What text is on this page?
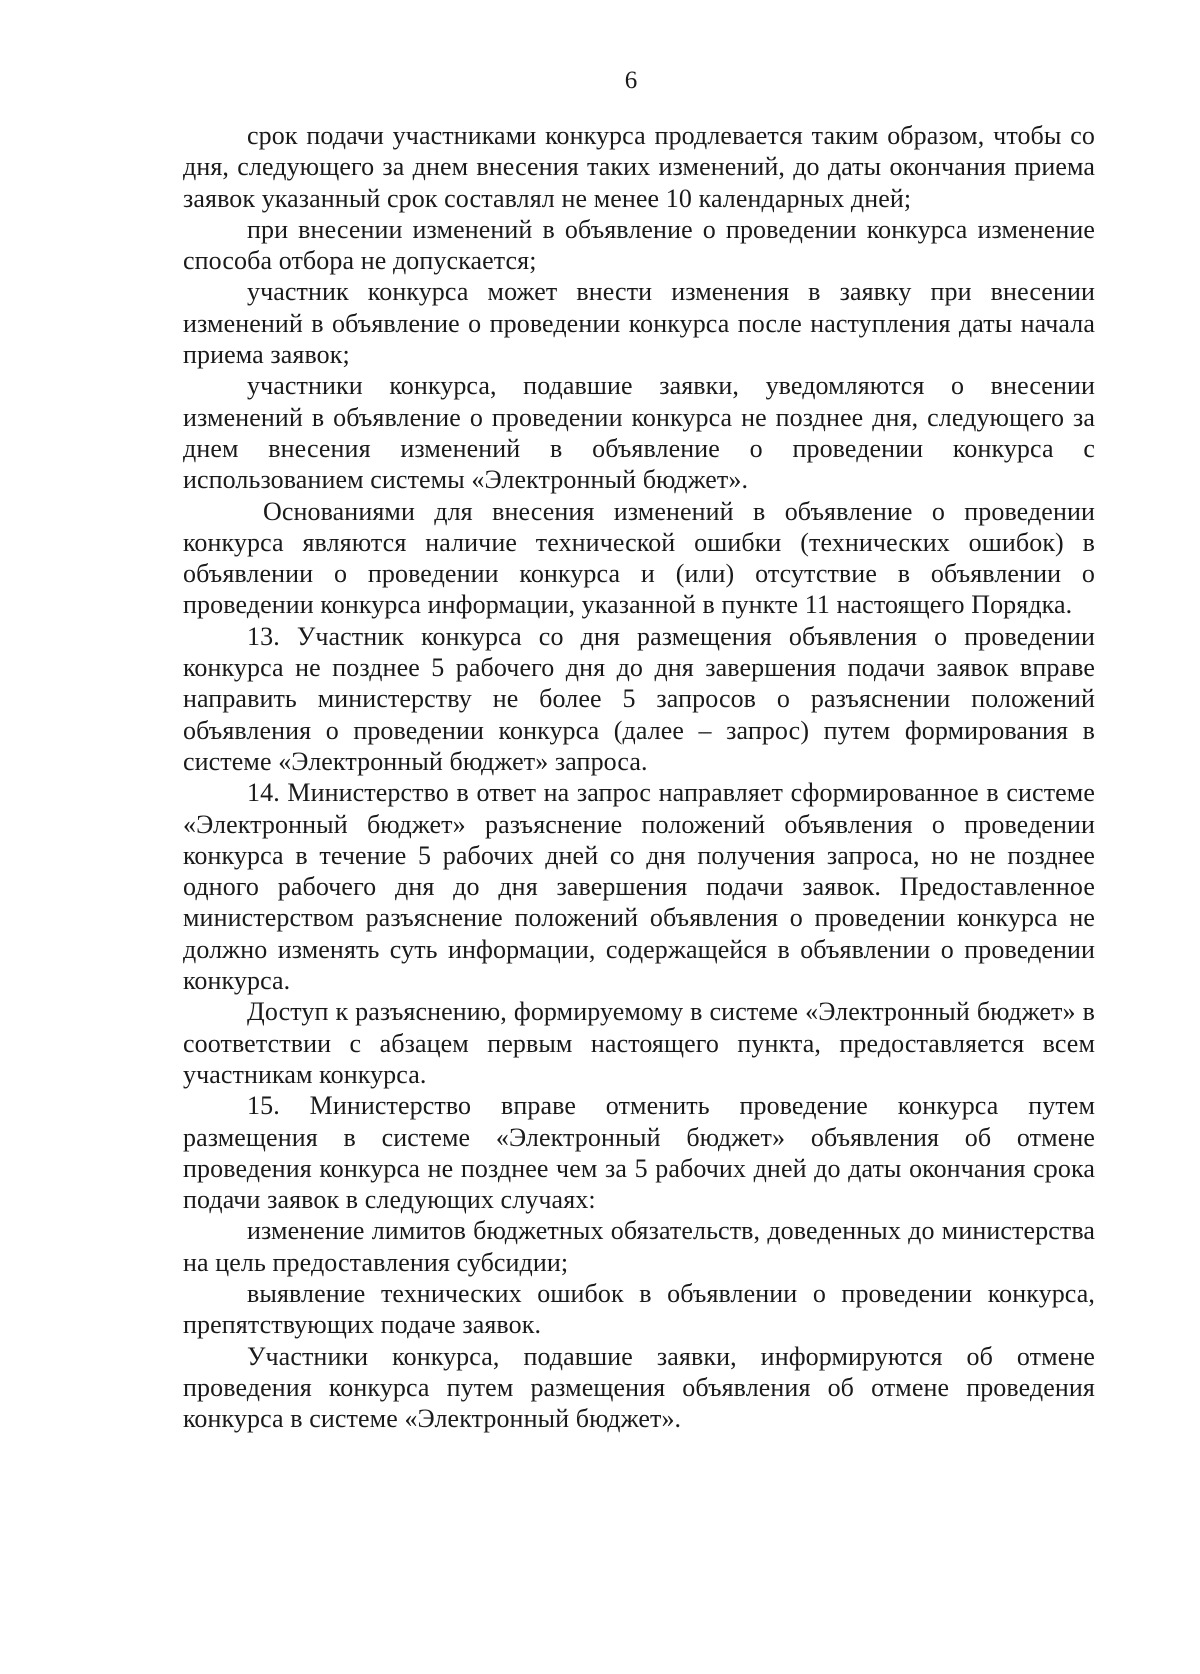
6

срок подачи участниками конкурса продлевается таким образом, чтобы со дня, следующего за днем внесения таких изменений, до даты окончания приема заявок указанный срок составлял не менее 10 календарных дней;

при внесении изменений в объявление о проведении конкурса изменение способа отбора не допускается;

участник конкурса может внести изменения в заявку при внесении изменений в объявление о проведении конкурса после наступления даты начала приема заявок;

участники конкурса, подавшие заявки, уведомляются о внесении изменений в объявление о проведении конкурса не позднее дня, следующего за днем внесения изменений в объявление о проведении конкурса с использованием системы «Электронный бюджет».

Основаниями для внесения изменений в объявление о проведении конкурса являются наличие технической ошибки (технических ошибок) в объявлении о проведении конкурса и (или) отсутствие в объявлении о проведении конкурса информации, указанной в пункте 11 настоящего Порядка.

13. Участник конкурса со дня размещения объявления о проведении конкурса не позднее 5 рабочего дня до дня завершения подачи заявок вправе направить министерству не более 5 запросов о разъяснении положений объявления о проведении конкурса (далее – запрос) путем формирования в системе «Электронный бюджет» запроса.

14. Министерство в ответ на запрос направляет сформированное в системе «Электронный бюджет» разъяснение положений объявления о проведении конкурса в течение 5 рабочих дней со дня получения запроса, но не позднее одного рабочего дня до дня завершения подачи заявок. Предоставленное министерством разъяснение положений объявления о проведении конкурса не должно изменять суть информации, содержащейся в объявлении о проведении конкурса.

Доступ к разъяснению, формируемому в системе «Электронный бюджет» в соответствии с абзацем первым настоящего пункта, предоставляется всем участникам конкурса.

15. Министерство вправе отменить проведение конкурса путем размещения в системе «Электронный бюджет» объявления об отмене проведения конкурса не позднее чем за 5 рабочих дней до даты окончания срока подачи заявок в следующих случаях:

изменение лимитов бюджетных обязательств, доведенных до министерства на цель предоставления субсидии;

выявление технических ошибок в объявлении о проведении конкурса, препятствующих подаче заявок.

Участники конкурса, подавшие заявки, информируются об отмене проведения конкурса путем размещения объявления об отмене проведения конкурса в системе «Электронный бюджет».
